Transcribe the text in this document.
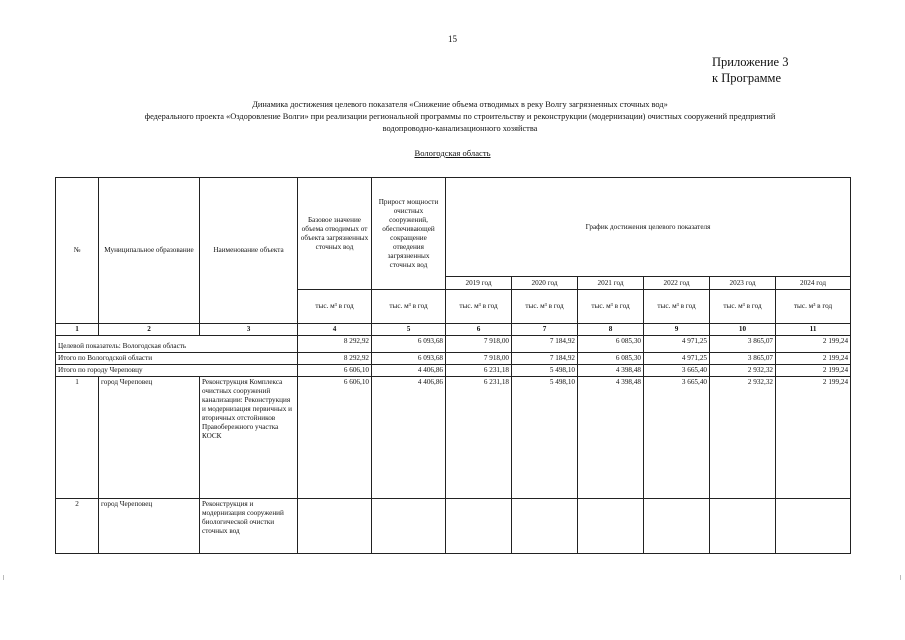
15
Приложение 3
к Программе
Динамика достижения целевого показателя «Снижение объема отводимых в реку Волгу загрязненных сточных вод»
федерального проекта «Оздоровление Волги» при реализации региональной программы по строительству и реконструкции (модернизации) очистных сооружений предприятий
водопроводно-канализационного хозяйства
Вологодская область
№	Муниципальное образование	Наименование объекта	Базовое значение объема отводимых от объекта загрязненных сточных вод	Прирост мощности очистных сооружений, обеспечивающей сокращение отведения загрязненных сточных вод	График достижения целевого показателя					
					2019 год	2020 год	2021 год	2022 год	2023 год	2024 год
			тыс. м³ в год	тыс. м³ в год	тыс. м³ в год	тыс. м³ в год	тыс. м³ в год	тыс. м³ в год	тыс. м³ в год	тыс. м³ в год
1	2	3	4	5	6	7	8	9	10	11
Целевой показатель: Вологодская область			8 292,92	6 093,68	7 918,00	7 184,92	6 085,30	4 971,25	3 865,07	2 199,24
Итого по Вологодской области			8 292,92	6 093,68	7 918,00	7 184,92	6 085,30	4 971,25	3 865,07	2 199,24
Итого по городу Череповцу			6 606,10	4 406,86	6 231,18	5 498,10	4 398,48	3 665,40	2 932,32	2 199,24
1	город Череповец	Реконструкция Комплекса очистных сооружений канализации: Реконструкция и модернизация первичных и вторичных отстойников Правобережного участка КОСК	6 606,10	4 406,86	6 231,18	5 498,10	4 398,48	3 665,40	2 932,32	2 199,24
2	город Череповец	Реконструкция и модернизация сооружений биологической очистки сточных вод								
